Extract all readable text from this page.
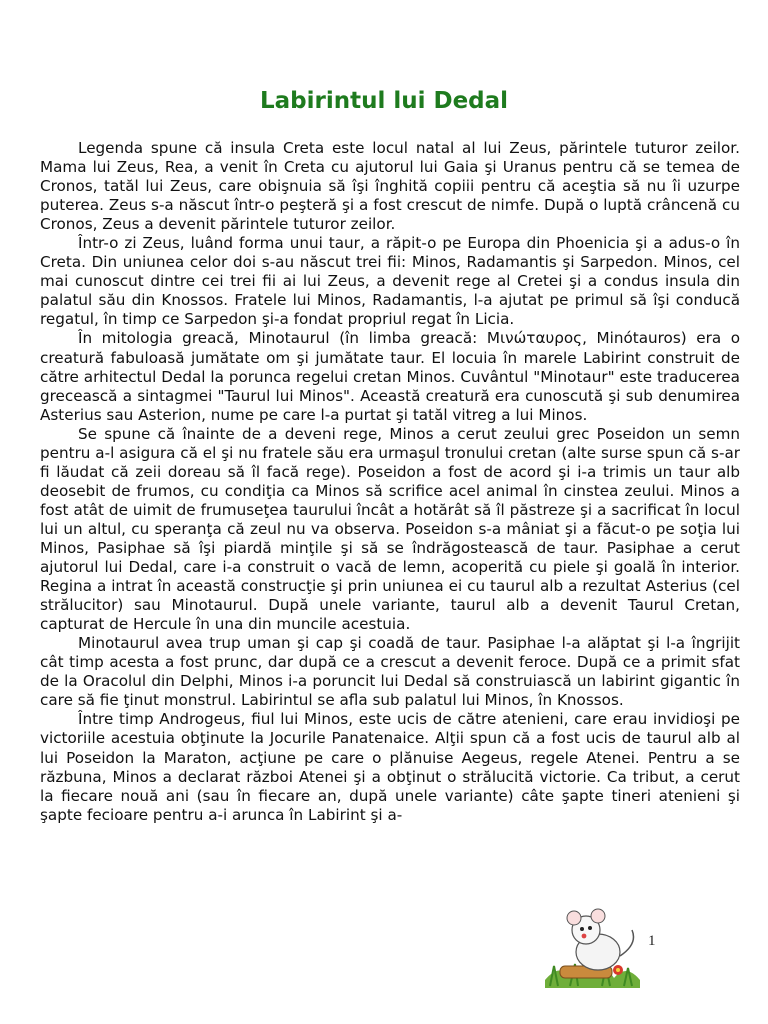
Labirintul lui Dedal

Legenda spune că insula Creta este locul natal al lui Zeus, părintele tuturor zeilor. Mama lui Zeus, Rea, a venit în Creta cu ajutorul lui Gaia şi Uranus pentru că se temea de Cronos, tatăl lui Zeus, care obişnuia să îşi înghită copiii pentru că aceştia să nu îi uzurpe puterea. Zeus s-a născut într-o peşteră şi a fost crescut de nimfe. După o luptă crâncenă cu Cronos, Zeus a devenit părintele tuturor zeilor.

Într-o zi Zeus, luând forma unui taur, a răpit-o pe Europa din Phoenicia şi a adus-o în Creta. Din uniunea celor doi s-au născut trei fii: Minos, Radamantis şi Sarpedon. Minos, cel mai cunoscut dintre cei trei fii ai lui Zeus, a devenit rege al Cretei şi a condus insula din palatul său din Knossos. Fratele lui Minos, Radamantis, l-a ajutat pe primul să îşi conducă regatul, în timp ce Sarpedon şi-a fondat propriul regat în Licia.

În mitologia greacă, Minotaurul (în limba greacă: Μινώταυρος, Minótauros) era o creatură fabuloasă jumătate om şi jumătate taur. El locuia în marele Labirint construit de către arhitectul Dedal la porunca regelui cretan Minos. Cuvântul "Minotaur" este traducerea grecească a sintagmei "Taurul lui Minos". Această creatură era cunoscută şi sub denumirea Asterius sau Asterion, nume pe care l-a purtat şi tatăl vitreg a lui Minos.

Se spune că înainte de a deveni rege, Minos a cerut zeului grec Poseidon un semn pentru a-l asigura că el şi nu fratele său era urmaşul tronului cretan (alte surse spun că s-ar fi lăudat că zeii doreau să îl facă rege). Poseidon a fost de acord şi i-a trimis un taur alb deosebit de frumos, cu condiţia ca Minos să scrifice acel animal în cinstea zeului. Minos a fost atât de uimit de frumuseţea taurului încât a hotărât să îl păstreze şi a sacrificat în locul lui un altul, cu speranţa că zeul nu va observa. Poseidon s-a mâniat şi a făcut-o pe soţia lui Minos, Pasiphae să îşi piardă minţile şi să se îndrăgostească de taur. Pasiphae a cerut ajutorul lui Dedal, care i-a construit o vacă de lemn, acoperită cu piele şi goală în interior. Regina a intrat în această construcţie şi prin uniunea ei cu taurul alb a rezultat Asterius (cel strălucitor) sau Minotaurul. După unele variante, taurul alb a devenit Taurul Cretan, capturat de Hercule în una din muncile acestuia.

Minotaurul avea trup uman şi cap şi coadă de taur. Pasiphae l-a alăptat şi l-a îngrijit cât timp acesta a fost prunc, dar după ce a crescut a devenit feroce. După ce a primit sfat de la Oracolul din Delphi, Minos i-a poruncit lui Dedal să construiască un labirint gigantic în care să fie ţinut monstrul. Labirintul se afla sub palatul lui Minos, în Knossos.

Între timp Androgeus, fiul lui Minos, este ucis de către atenieni, care erau invidioşi pe victoriile acestuia obţinute la Jocurile Panatenaice. Alţii spun că a fost ucis de taurul alb al lui Poseidon la Maraton, acţiune pe care o plănuise Aegeus, regele Atenei. Pentru a se răzbuna, Minos a declarat război Atenei şi a obţinut o strălucită victorie. Ca tribut, a cerut la fiecare nouă ani (sau în fiecare an, după unele variante) câte şapte tineri atenieni şi şapte fecioare pentru a-i arunca în Labirint şi a-

1
